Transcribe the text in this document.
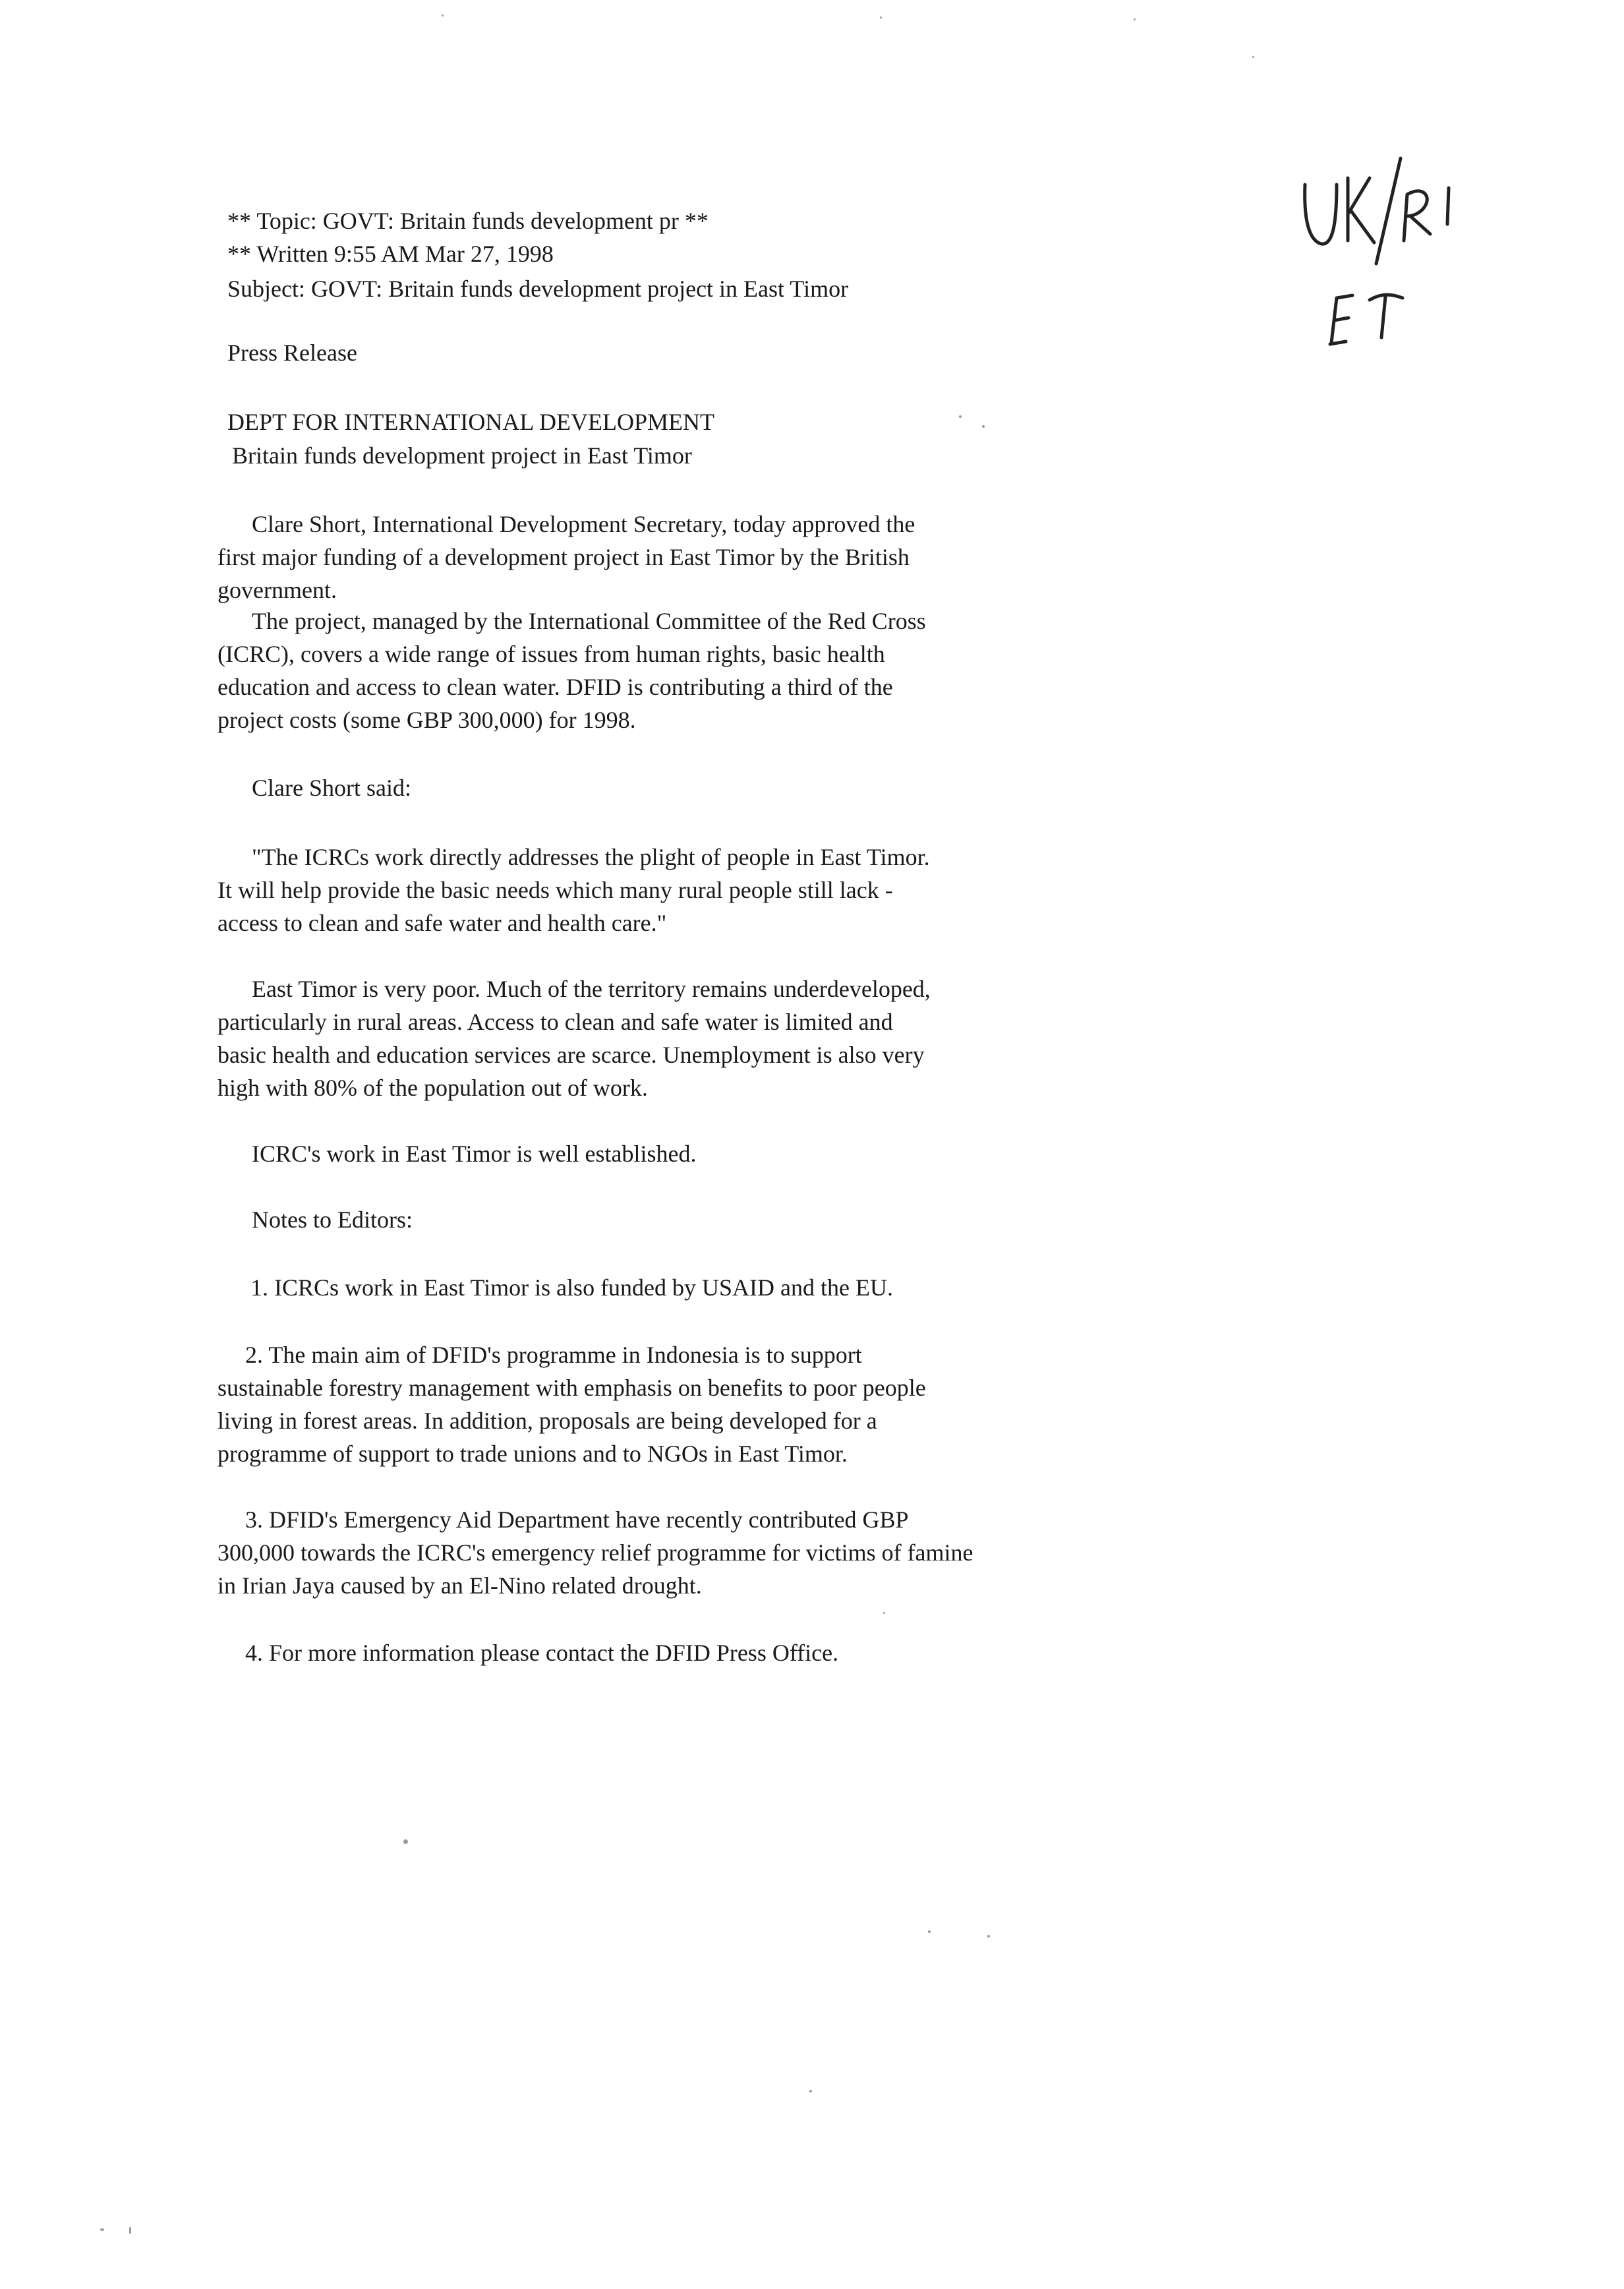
** Topic: GOVT: Britain funds development pr **
** Written 9:55 AM Mar 27, 1998
Subject: GOVT: Britain funds development project in East Timor
Press Release
DEPT FOR INTERNATIONAL DEVELOPMENT
Britain funds development project in East Timor
Clare Short, International Development Secretary, today approved the
first major funding of a development project in East Timor by the British
government.
The project, managed by the International Committee of the Red Cross
(ICRC), covers a wide range of issues from human rights, basic health
education and access to clean water. DFID is contributing a third of the
project costs (some GBP 300,000) for 1998.
Clare Short said:
"The ICRCs work directly addresses the plight of people in East Timor.
It will help provide the basic needs which many rural people still lack -
access to clean and safe water and health care."
East Timor is very poor. Much of the territory remains underdeveloped,
particularly in rural areas. Access to clean and safe water is limited and
basic health and education services are scarce. Unemployment is also very
high with 80% of the population out of work.
ICRC's work in East Timor is well established.
Notes to Editors:
1. ICRCs work in East Timor is also funded by USAID and the EU.
2. The main aim of DFID's programme in Indonesia is to support
sustainable forestry management with emphasis on benefits to poor people
living in forest areas. In addition, proposals are being developed for a
programme of support to trade unions and to NGOs in East Timor.
3. DFID's Emergency Aid Department have recently contributed GBP
300,000 towards the ICRC's emergency relief programme for victims of famine
in Irian Jaya caused by an El-Nino related drought.
4. For more information please contact the DFID Press Office.
